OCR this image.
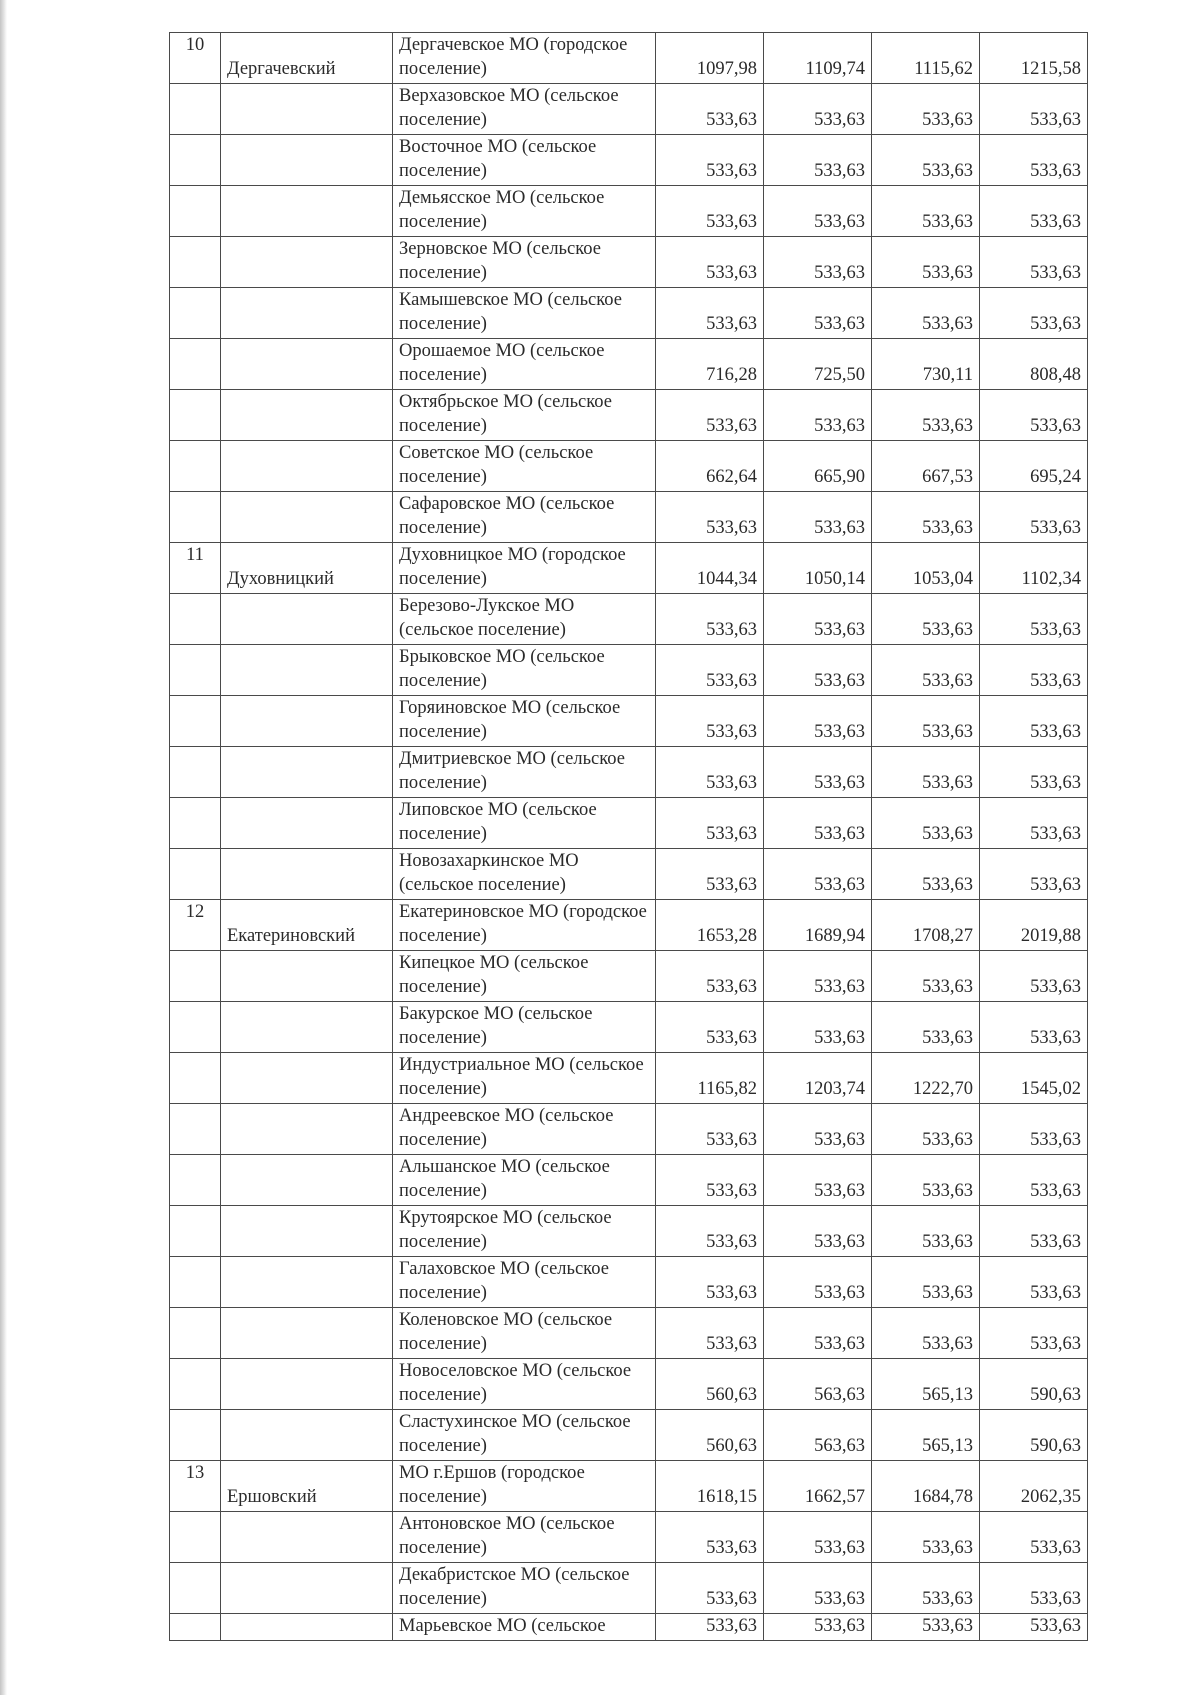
10	Дергачевский	Дергачевское МО (городское поселение)	1097,98	1109,74	1115,62	1215,58
		Верхазовское МО (сельское поселение)	533,63	533,63	533,63	533,63
		Восточное МО (сельское поселение)	533,63	533,63	533,63	533,63
		Демьясское МО (сельское поселение)	533,63	533,63	533,63	533,63
		Зерновское МО (сельское поселение)	533,63	533,63	533,63	533,63
		Камышевское МО (сельское поселение)	533,63	533,63	533,63	533,63
		Орошаемое МО (сельское поселение)	716,28	725,50	730,11	808,48
		Октябрьское МО (сельское поселение)	533,63	533,63	533,63	533,63
		Советское МО (сельское поселение)	662,64	665,90	667,53	695,24
		Сафаровское МО (сельское поселение)	533,63	533,63	533,63	533,63
11	Духовницкий	Духовницкое МО (городское поселение)	1044,34	1050,14	1053,04	1102,34
		Березово-Лукское МО (сельское поселение)	533,63	533,63	533,63	533,63
		Брыковское МО (сельское поселение)	533,63	533,63	533,63	533,63
		Горяиновское МО (сельское поселение)	533,63	533,63	533,63	533,63
		Дмитриевское МО (сельское поселение)	533,63	533,63	533,63	533,63
		Липовское МО (сельское поселение)	533,63	533,63	533,63	533,63
		Новозахаркинское МО (сельское поселение)	533,63	533,63	533,63	533,63
12	Екатериновский	Екатериновское МО (городское поселение)	1653,28	1689,94	1708,27	2019,88
		Кипецкое МО (сельское поселение)	533,63	533,63	533,63	533,63
		Бакурское МО (сельское поселение)	533,63	533,63	533,63	533,63
		Индустриальное МО (сельское поселение)	1165,82	1203,74	1222,70	1545,02
		Андреевское МО (сельское поселение)	533,63	533,63	533,63	533,63
		Альшанское МО (сельское поселение)	533,63	533,63	533,63	533,63
		Крутоярское МО (сельское поселение)	533,63	533,63	533,63	533,63
		Галаховское МО (сельское поселение)	533,63	533,63	533,63	533,63
		Коленовское МО (сельское поселение)	533,63	533,63	533,63	533,63
		Новоселовское МО (сельское поселение)	560,63	563,63	565,13	590,63
		Сластухинское МО (сельское поселение)	560,63	563,63	565,13	590,63
13	Ершовский	МО г.Ершов (городское поселение)	1618,15	1662,57	1684,78	2062,35
		Антоновское МО (сельское поселение)	533,63	533,63	533,63	533,63
		Декабристское МО (сельское поселение)	533,63	533,63	533,63	533,63
		Марьевское МО (сельское	533,63	533,63	533,63	533,63
